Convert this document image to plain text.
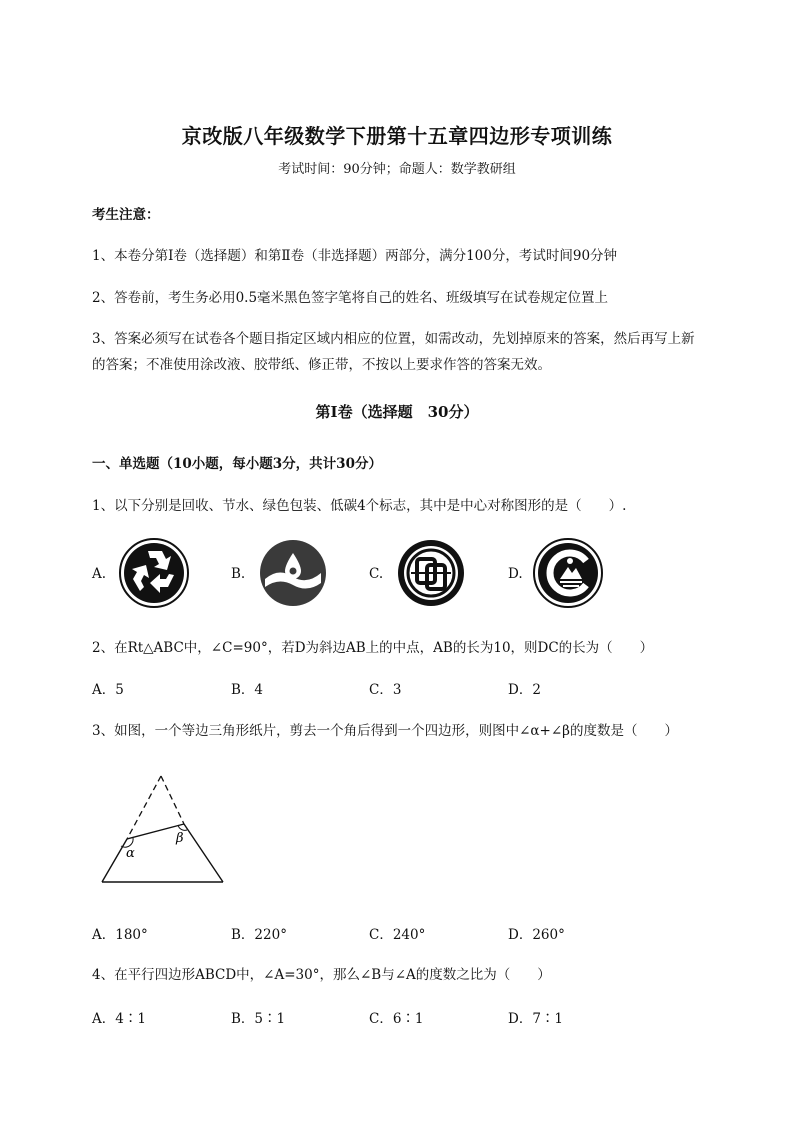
京改版八年级数学下册第十五章四边形专项训练
考试时间：90分钟；命题人：数学教研组
考生注意：
1、本卷分第I卷（选择题）和第Ⅱ卷（非选择题）两部分，满分100分，考试时间90分钟
2、答卷前，考生务必用0.5毫米黑色签字笔将自己的姓名、班级填写在试卷规定位置上
3、答案必须写在试卷各个题目指定区域内相应的位置，如需改动，先划掉原来的答案，然后再写上新
的答案；不准使用涂改液、胶带纸、修正带，不按以上要求作答的答案无效。
第I卷（选择题　30分）
一、单选题（10小题，每小题3分，共计30分）
1、以下分别是回收、节水、绿色包装、低碳4个标志，其中是中心对称图形的是（　　）.
A.	B.	C.	D.
2、在Rt△ABC中，∠C=90°，若D为斜边AB上的中点，AB的长为10，则DC的长为（　　）
A．5	B．4	C．3	D．2
3、如图，一个等边三角形纸片，剪去一个角后得到一个四边形，则图中∠α+∠β的度数是（　　）
α
β
A．180°	B．220°	C．240°	D．260°
4、在平行四边形ABCD中，∠A=30°，那么∠B与∠A的度数之比为（　　）
A．4∶1	B．5∶1	C．6∶1	D．7∶1
